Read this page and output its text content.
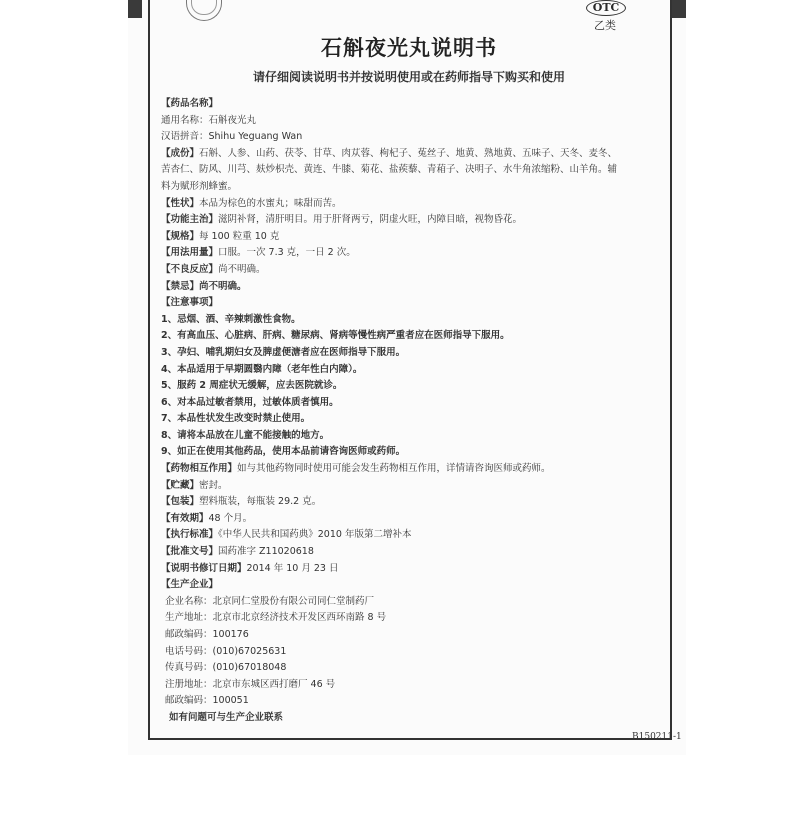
OTC
乙类
石斛夜光丸说明书
请仔细阅读说明书并按说明使用或在药师指导下购买和使用
【药品名称】
通用名称：石斛夜光丸
汉语拼音：Shihu Yeguang Wan
【成份】石斛、人参、山药、茯苓、甘草、肉苁蓉、枸杞子、菟丝子、地黄、熟地黄、五味子、天冬、麦冬、
苦杏仁、防风、川芎、麸炒枳壳、黄连、牛膝、菊花、盐蒺藜、青葙子、决明子、水牛角浓缩粉、山羊角。辅
料为赋形剂蜂蜜。
【性状】本品为棕色的水蜜丸；味甜而苦。
【功能主治】滋阴补肾，清肝明目。用于肝肾两亏，阴虚火旺，内障目暗，视物昏花。
【规格】每 100 粒重 10 克
【用法用量】口服。一次 7.3 克，一日 2 次。
【不良反应】尚不明确。
【禁忌】尚不明确。
【注意事项】
1、忌烟、酒、辛辣刺激性食物。
2、有高血压、心脏病、肝病、糖尿病、肾病等慢性病严重者应在医师指导下服用。
3、孕妇、哺乳期妇女及脾虚便溏者应在医师指导下服用。
4、本品适用于早期圆翳内障（老年性白内障）。
5、服药 2 周症状无缓解，应去医院就诊。
6、对本品过敏者禁用，过敏体质者慎用。
7、本品性状发生改变时禁止使用。
8、请将本品放在儿童不能接触的地方。
9、如正在使用其他药品，使用本品前请咨询医师或药师。
【药物相互作用】如与其他药物同时使用可能会发生药物相互作用，详情请咨询医师或药师。
【贮藏】密封。
【包装】塑料瓶装，每瓶装 29.2 克。
【有效期】48 个月。
【执行标准】《中华人民共和国药典》2010 年版第二增补本
【批准文号】国药准字 Z11020618
【说明书修订日期】2014 年 10 月 23 日
【生产企业】
企业名称：北京同仁堂股份有限公司同仁堂制药厂
生产地址：北京市北京经济技术开发区西环南路 8 号
邮政编码：100176
电话号码：(010)67025631
传真号码：(010)67018048
注册地址：北京市东城区西打磨厂 46 号
邮政编码：100051
如有问题可与生产企业联系
B150211-1
